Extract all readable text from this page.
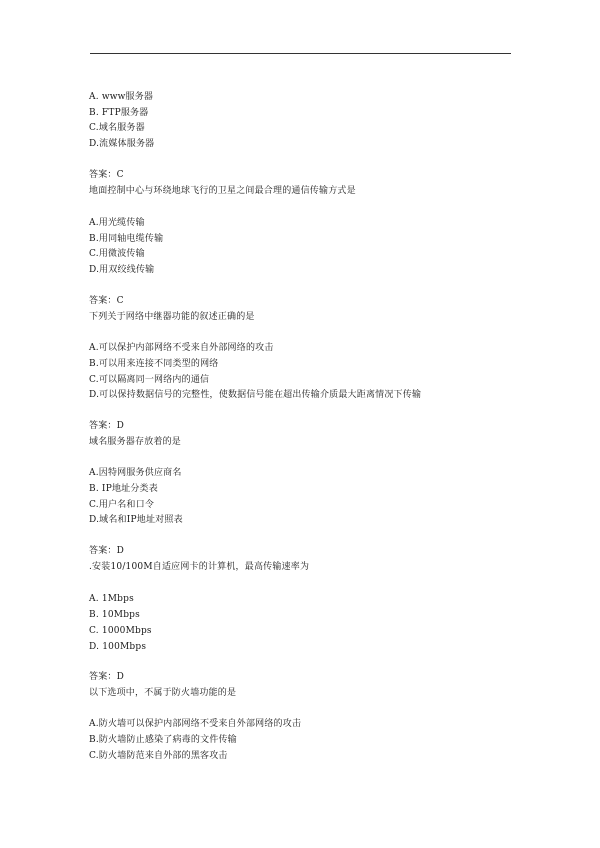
A. www服务器
B. FTP服务器
C.域名服务器
D.流媒体服务器
答案：C
地面控制中心与环绕地球飞行的卫星之间最合理的通信传输方式是
A.用光缆传输
B.用同轴电缆传输
C.用微波传输
D.用双绞线传输
答案：C
下列关于网络中继器功能的叙述正确的是
A.可以保护内部网络不受来自外部网络的攻击
B.可以用来连接不同类型的网络
C.可以隔离同一网络内的通信
D.可以保持数据信号的完整性，使数据信号能在超出传输介质最大距离情况下传输
答案：D
域名服务器存放着的是
A.因特网服务供应商名
B. IP地址分类表
C.用户名和口令
D.域名和IP地址对照表
答案：D
.安装10/100M自适应网卡的计算机，最高传输速率为
A. 1Mbps
B. 10Mbps
C. 1000Mbps
D. 100Mbps
答案：D
以下选项中，不属于防火墙功能的是
A.防火墙可以保护内部网络不受来自外部网络的攻击
B.防火墙防止感染了病毒的文件传输
C.防火墙防范来自外部的黑客攻击
